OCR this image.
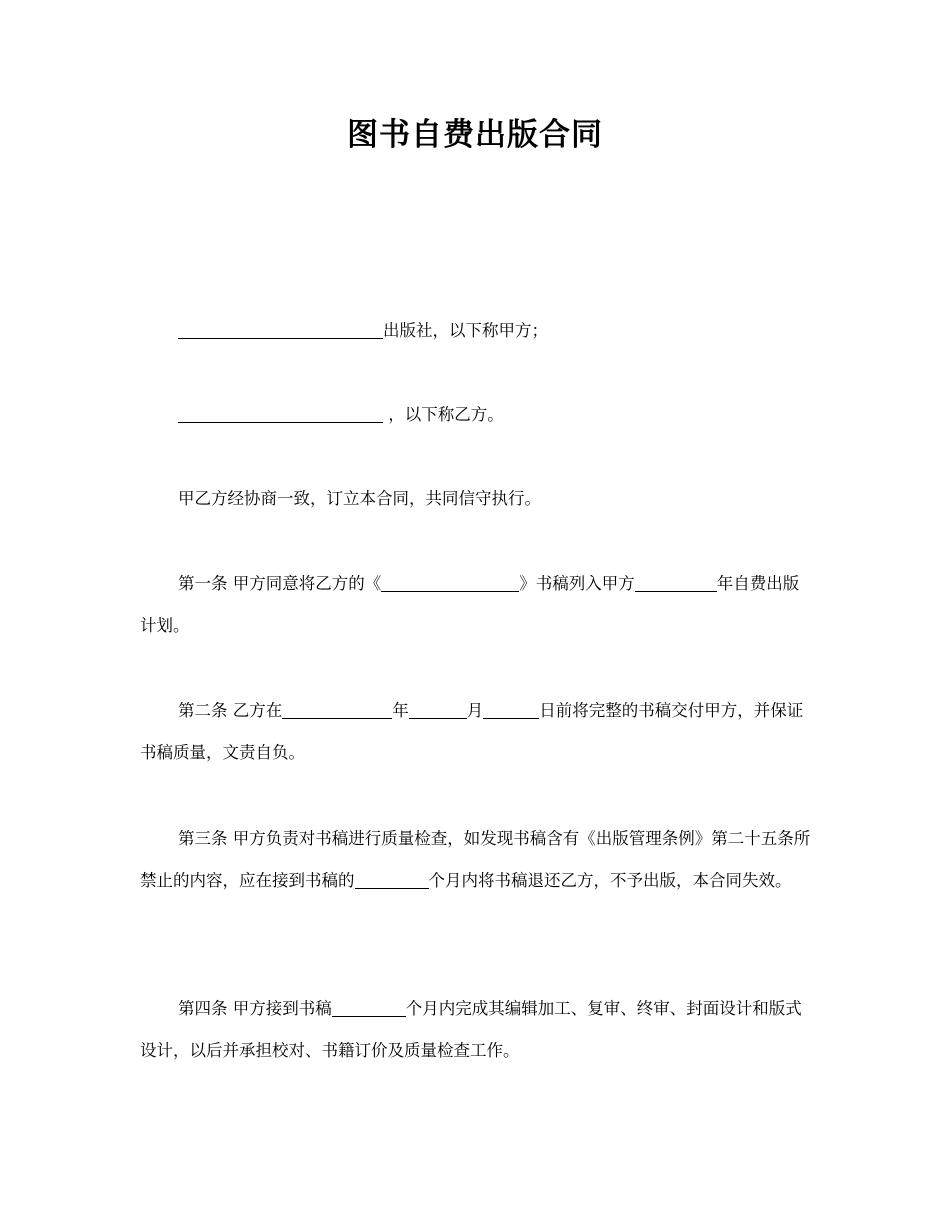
图书自费出版合同
出版社，以下称甲方；
，以下称乙方。
甲乙方经协商一致，订立本合同，共同信守执行。
第一条 甲方同意将乙方的《	》书稿列入甲方	年自费出版计划。
第二条 乙方在	年	月	日前将完整的书稿交付甲方，并保证书稿质量，文责自负。
第三条 甲方负责对书稿进行质量检查，如发现书稿含有《出版管理条例》第二十五条所禁止的内容，应在接到书稿的	个月内将书稿退还乙方，不予出版，本合同失效。
第四条 甲方接到书稿	个月内完成其编辑加工、复审、终审、封面设计和版式设计，以后并承担校对、书籍订价及质量检查工作。
